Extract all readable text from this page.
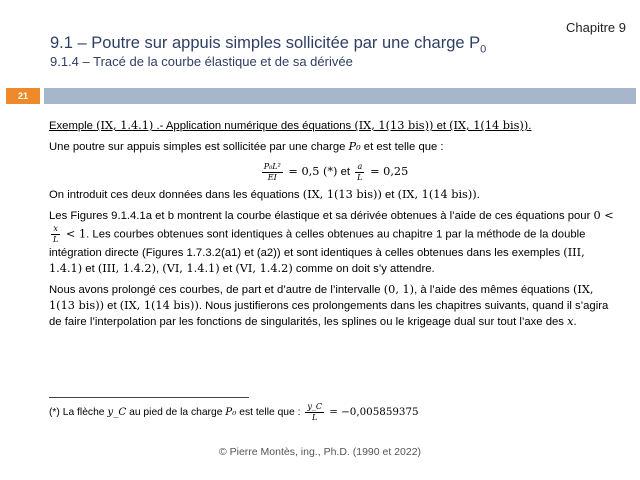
Chapitre 9
9.1 – Poutre sur appuis simples sollicitée par une charge $P_0$
9.1.4 – Tracé de la courbe élastique et de sa dérivée
21

Exemple (IX, 1.4.1) .- Application numérique des équations (IX, 1(13 bis)) et (IX, 1(14 bis)).

Une poutre sur appuis simples est sollicitée par une charge P₀ et est telle que :

$\frac{\text{P₀L²}}{EI} = 0,5$ (*) et $\frac{a}{L} = 0,25$

On introduit ces deux données dans les équations (IX, 1(13 bis)) et (IX, 1(14 bis)).

Les Figures 9.1.4.1a et b montrent la courbe élastique et sa dérivée obtenues à l’aide de ces équations pour 0 <
$\frac{x}{L} < 1$. Les courbes obtenues sont identiques à celles obtenues au chapitre 1 par la méthode de la double intégration directe (Figures 1.7.3.2(a1) et (a2)) et sont identiques à celles obtenues dans les exemples (III, 1.4.1) et (III, 1.4.2), (VI, 1.4.1) et (VI, 1.4.2) comme on doit s’y attendre.

Nous avons prolongé ces courbes, de part et d’autre de l’intervalle (0, 1), à l’aide des mêmes équations (IX, 1(13 bis)) et (IX, 1(14 bis)). Nous justifierons ces prolongements dans les chapitres suivants, quand il s’agira de faire l’interpolation par les fonctions de singularités, les splines ou le krigeage dual sur tout l’axe des x.

(*) La flèche y_C au pied de la charge P₀ est telle que : $\frac{y\_C}{L} = -0,005859375$
© Pierre Montès, ing., Ph.D. (1990 et 2022)
